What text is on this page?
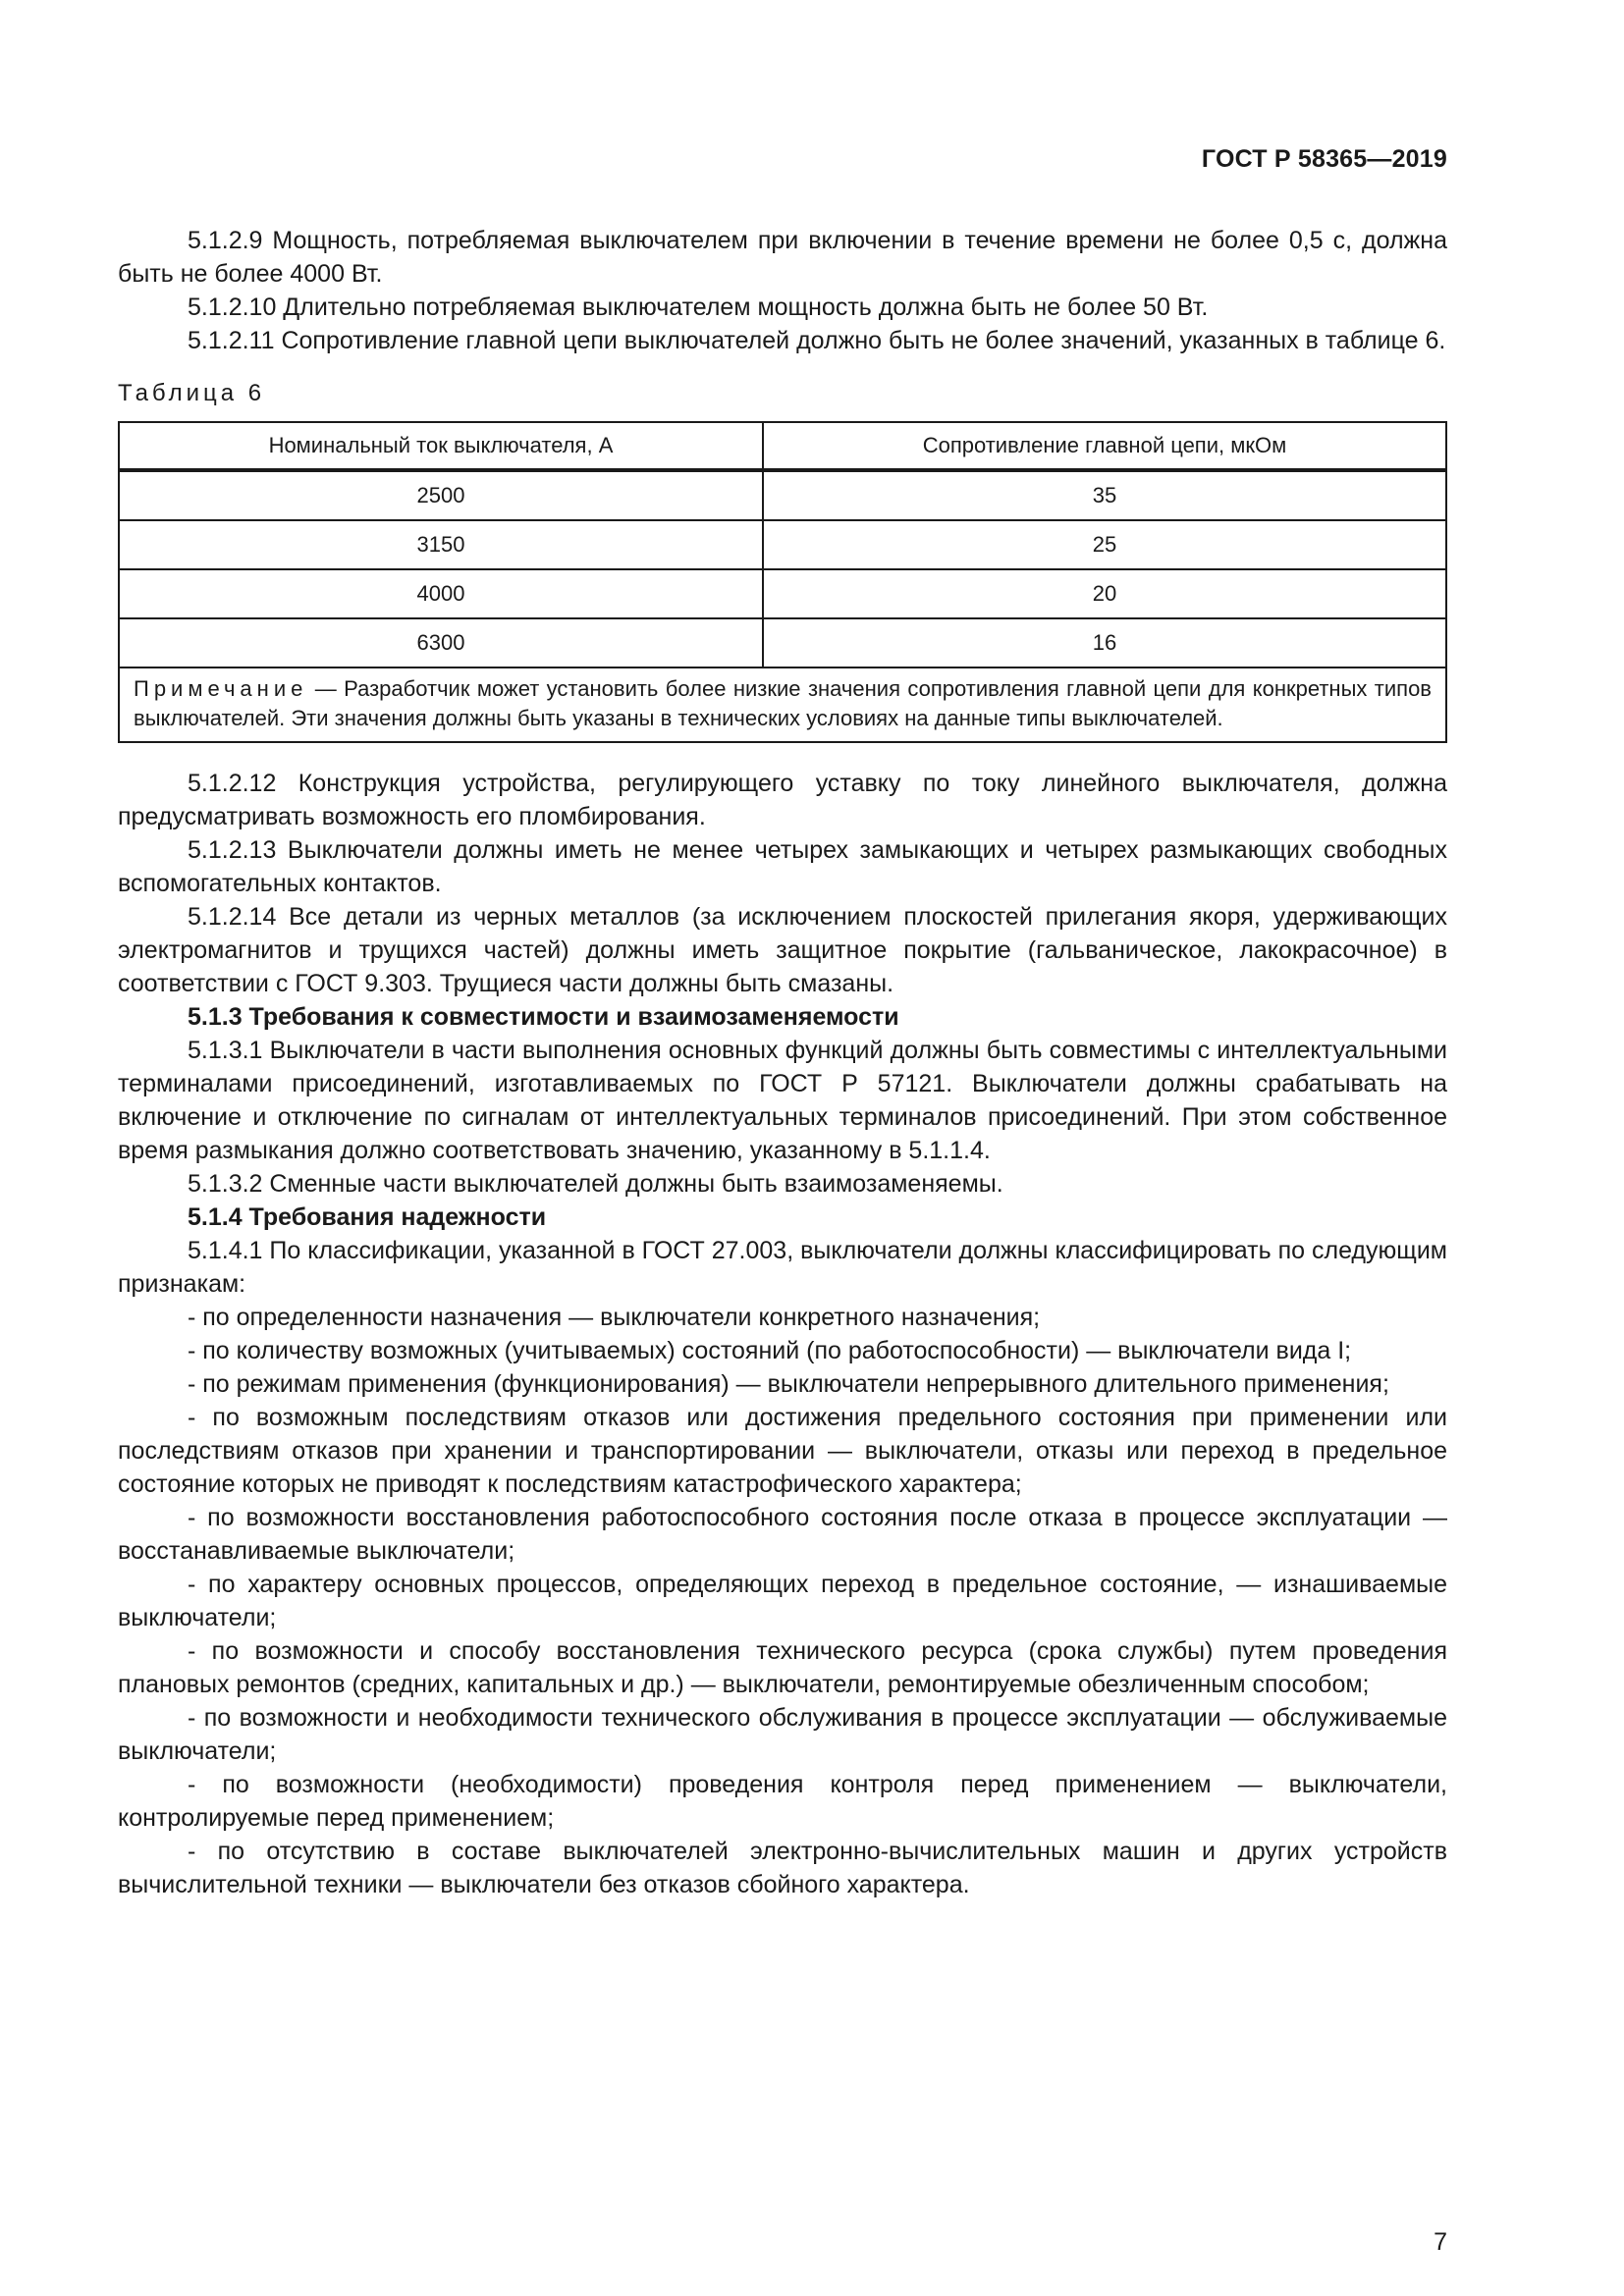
ГОСТ Р 58365—2019

5.1.2.9 Мощность, потребляемая выключателем при включении в течение времени не более 0,5 с, должна быть не более 4000 Вт.

5.1.2.10 Длительно потребляемая выключателем мощность должна быть не более 50 Вт.

5.1.2.11 Сопротивление главной цепи выключателей должно быть не более значений, указанных в таблице 6.

Таблица 6

Номинальный ток выключателя, А	Сопротивление главной цепи, мкОм
2500	35
3150	25
4000	20
6300	16
Примечание — Разработчик может установить более низкие значения сопротивления главной цепи для конкретных типов выключателей. Эти значения должны быть указаны в технических условиях на данные типы выключателей.	

5.1.2.12 Конструкция устройства, регулирующего уставку по току линейного выключателя, должна предусматривать возможность его пломбирования.

5.1.2.13 Выключатели должны иметь не менее четырех замыкающих и четырех размыкающих свободных вспомогательных контактов.

5.1.2.14 Все детали из черных металлов (за исключением плоскостей прилегания якоря, удерживающих электромагнитов и трущихся частей) должны иметь защитное покрытие (гальваническое, лакокрасочное) в соответствии с ГОСТ 9.303. Трущиеся части должны быть смазаны.

5.1.3 Требования к совместимости и взаимозаменяемости

5.1.3.1 Выключатели в части выполнения основных функций должны быть совместимы с интеллектуальными терминалами присоединений, изготавливаемых по ГОСТ Р 57121. Выключатели должны срабатывать на включение и отключение по сигналам от интеллектуальных терминалов присоединений. При этом собственное время размыкания должно соответствовать значению, указанному в 5.1.1.4.

5.1.3.2 Сменные части выключателей должны быть взаимозаменяемы.

5.1.4 Требования надежности

5.1.4.1 По классификации, указанной в ГОСТ 27.003, выключатели должны классифицировать по следующим признакам:

- по определенности назначения — выключатели конкретного назначения;

- по количеству возможных (учитываемых) состояний (по работоспособности) — выключатели вида I;

- по режимам применения (функционирования) — выключатели непрерывного длительного применения;

- по возможным последствиям отказов или достижения предельного состояния при применении или последствиям отказов при хранении и транспортировании — выключатели, отказы или переход в предельное состояние которых не приводят к последствиям катастрофического характера;

- по возможности восстановления работоспособного состояния после отказа в процессе эксплуатации — восстанавливаемые выключатели;

- по характеру основных процессов, определяющих переход в предельное состояние, — изнашиваемые выключатели;

- по возможности и способу восстановления технического ресурса (срока службы) путем проведения плановых ремонтов (средних, капитальных и др.) — выключатели, ремонтируемые обезличенным способом;

- по возможности и необходимости технического обслуживания в процессе эксплуатации — обслуживаемые выключатели;

- по возможности (необходимости) проведения контроля перед применением — выключатели, контролируемые перед применением;

- по отсутствию в составе выключателей электронно-вычислительных машин и других устройств вычислительной техники — выключатели без отказов сбойного характера.

7
